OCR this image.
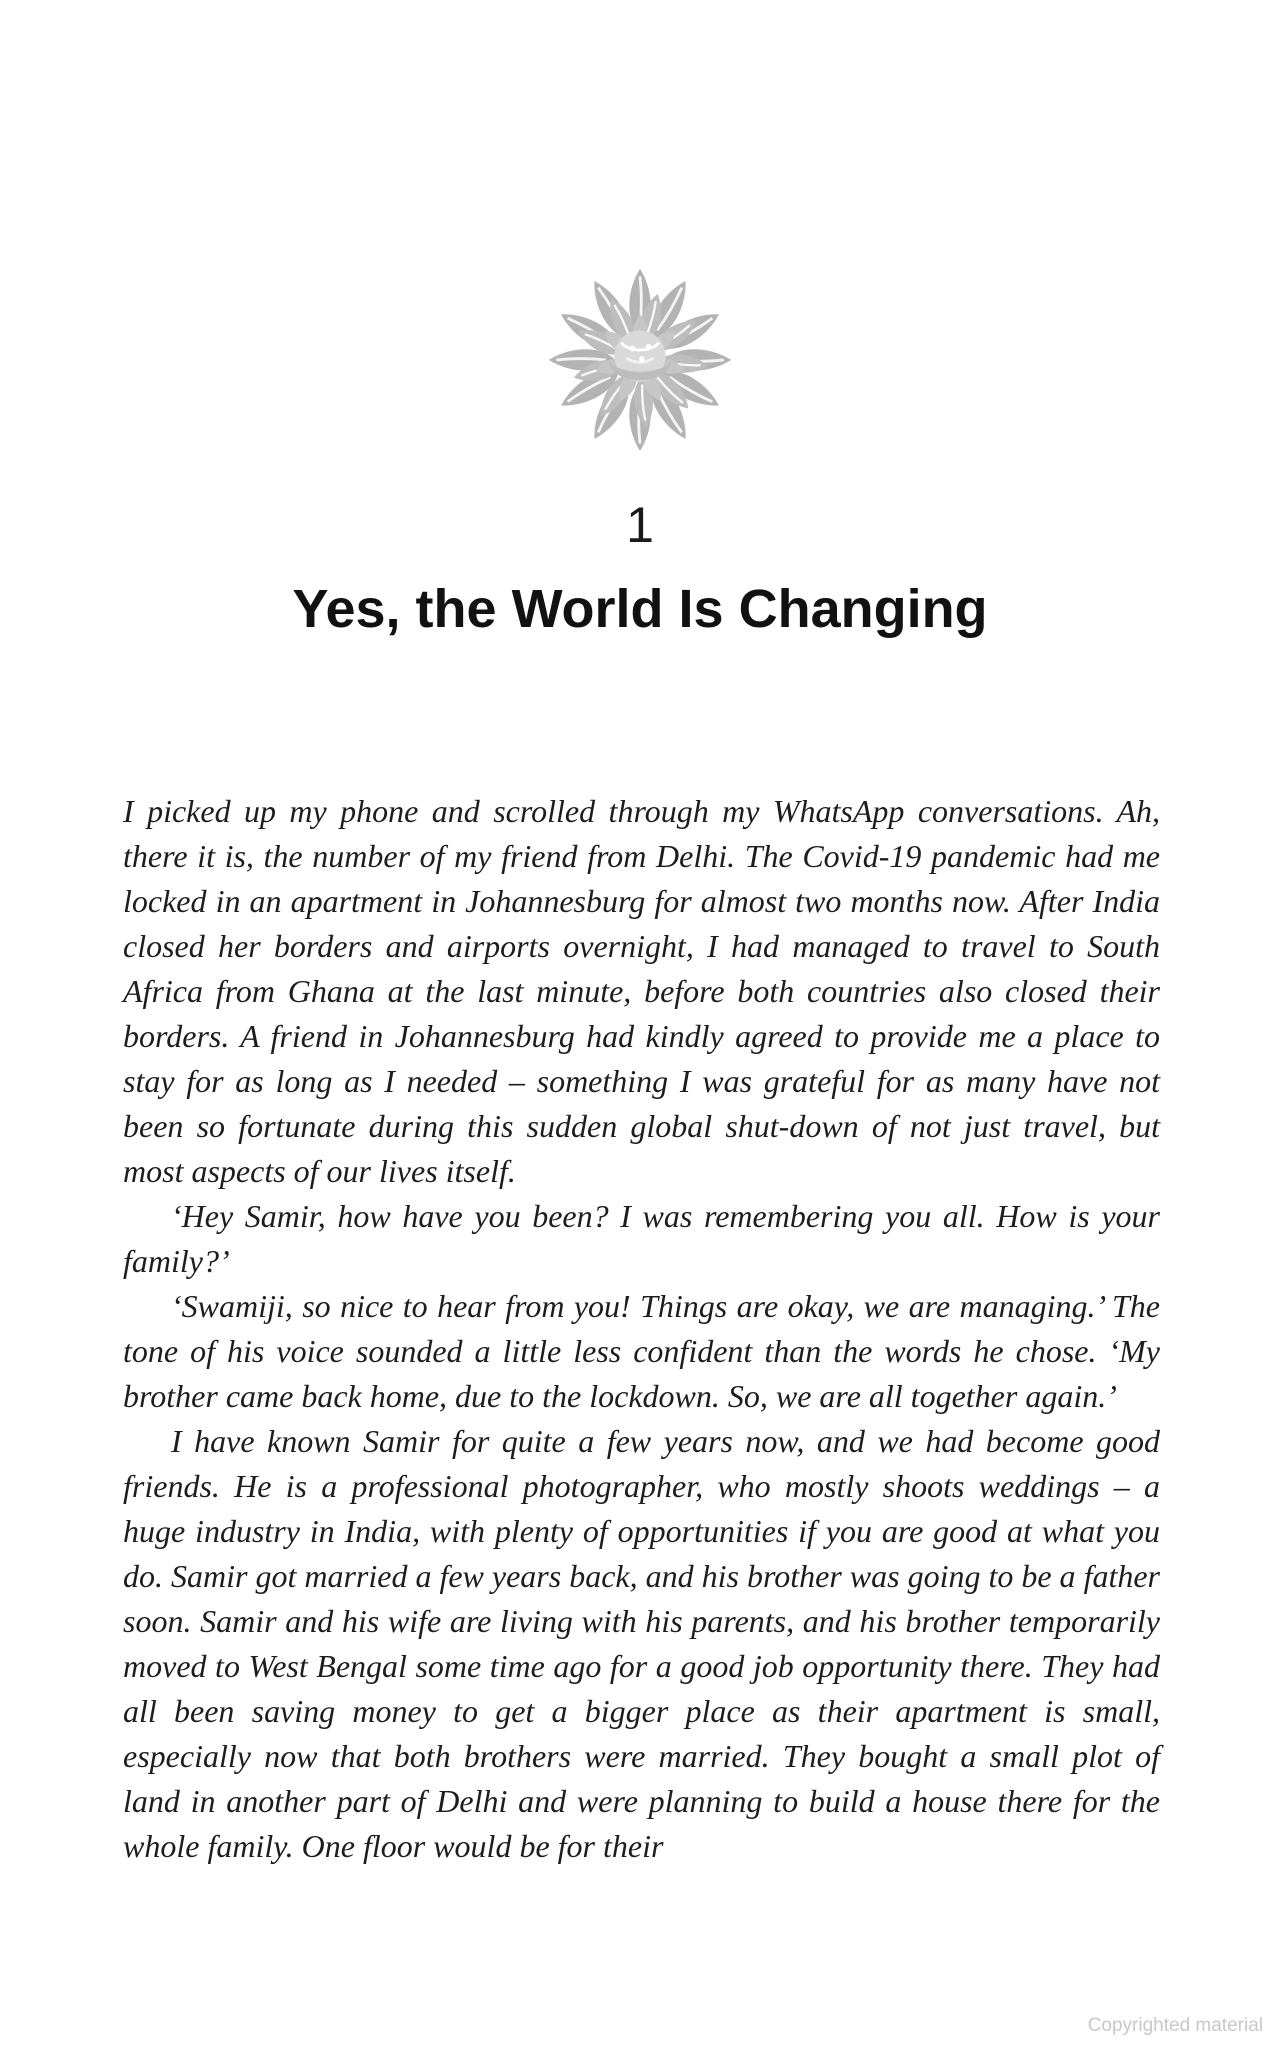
1
Yes, the World Is Changing

I picked up my phone and scrolled through my WhatsApp conversations. Ah, there it is, the number of my friend from Delhi. The Covid-19 pandemic had me locked in an apartment in Johannesburg for almost two months now. After India closed her borders and airports overnight, I had managed to travel to South Africa from Ghana at the last minute, before both countries also closed their borders. A friend in Johannesburg had kindly agreed to provide me a place to stay for as long as I needed – something I was grateful for as many have not been so fortunate during this sudden global shut-down of not just travel, but most aspects of our lives itself.

‘Hey Samir, how have you been? I was remembering you all. How is your family?’

‘Swamiji, so nice to hear from you! Things are okay, we are managing.’ The tone of his voice sounded a little less confident than the words he chose. ‘My brother came back home, due to the lockdown. So, we are all together again.’

I have known Samir for quite a few years now, and we had become good friends. He is a professional photographer, who mostly shoots weddings – a huge industry in India, with plenty of opportunities if you are good at what you do. Samir got married a few years back, and his brother was going to be a father soon. Samir and his wife are living with his parents, and his brother temporarily moved to West Bengal some time ago for a good job opportunity there. They had all been saving money to get a bigger place as their apartment is small, especially now that both brothers were married. They bought a small plot of land in another part of Delhi and were planning to build a house there for the whole family. One floor would be for their

Copyrighted material
